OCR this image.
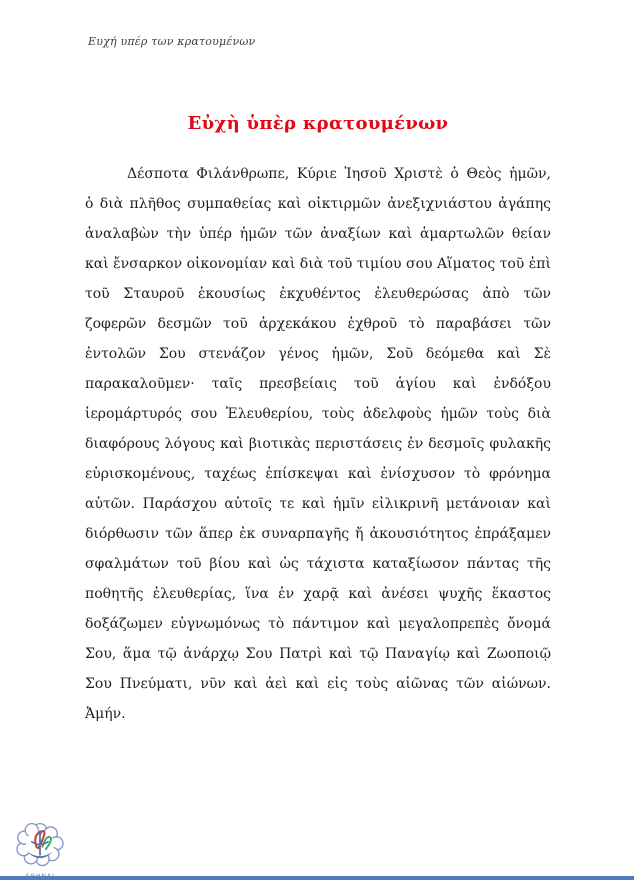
Ευχή υπέρ των κρατουμένων
Εὐχὴ ὑπὲρ κρατουμένων
Δέσποτα Φιλάνθρωπε, Κύριε Ἰησοῦ Χριστὲ ὁ Θεὸς ἡμῶν,
ὁ διὰ πλῆθος συμπαθείας καὶ οἰκτιρμῶν ἀνεξιχνιάστου ἀγάπης
ἀναλαβὼν τὴν ὑπέρ ἡμῶν τῶν ἀναξίων καὶ ἁμαρτωλῶν θείαν
καὶ ἔνσαρκον οἰκονομίαν καὶ διὰ τοῦ τιμίου σου Αἵματος τοῦ ἐπὶ
τοῦ Σταυροῦ ἑκουσίως ἐκχυθέντος ἐλευθερώσας ἀπὸ τῶν
ζοφερῶν δεσμῶν τοῦ ἀρχεκάκου ἐχθροῦ τὸ παραβάσει τῶν
ἐντολῶν Σου στενάζον γένος ἡμῶν, Σοῦ δεόμεθα καὶ Σὲ
παρακαλοῦμεν· ταῖς πρεσβείαις τοῦ ἁγίου καὶ ἐνδόξου
ἱερομάρτυρός σου Ἐλευθερίου, τοὺς ἀδελφοὺς ἡμῶν τοὺς διὰ
διαφόρους λόγους καὶ βιοτικὰς περιστάσεις ἐν δεσμοῖς φυλακῆς
εὑρισκομένους, ταχέως ἐπίσκεψαι καὶ ἐνίσχυσον τὸ φρόνημα
αὐτῶν. Παράσχου αὐτοῖς τε καὶ ἡμῖν εἰλικρινῆ μετάνοιαν καὶ
διόρθωσιν τῶν ἅπερ ἐκ συναρπαγῆς ἤ ἀκουσιότητος ἐπράξαμεν
σφαλμάτων τοῦ βίου καὶ ὡς τάχιστα καταξίωσον πάντας τῆς
ποθητῆς ἐλευθερίας, ἵνα ἐν χαρᾷ καὶ ἀνέσει ψυχῆς ἕκαστος
δοξάζωμεν εὐγνωμόνως τὸ πάντιμον καὶ μεγαλοπρεπὲς ὄνομά
Σου, ἅμα τῷ ἀνάρχῳ Σου Πατρὶ καὶ τῷ Παναγίῳ καὶ Ζωοποιῷ
Σου Πνεύματι, νῦν καὶ ἀεὶ καὶ εἰς τοὺς αἰῶνας τῶν αἰώνων.
Ἀμήν.
